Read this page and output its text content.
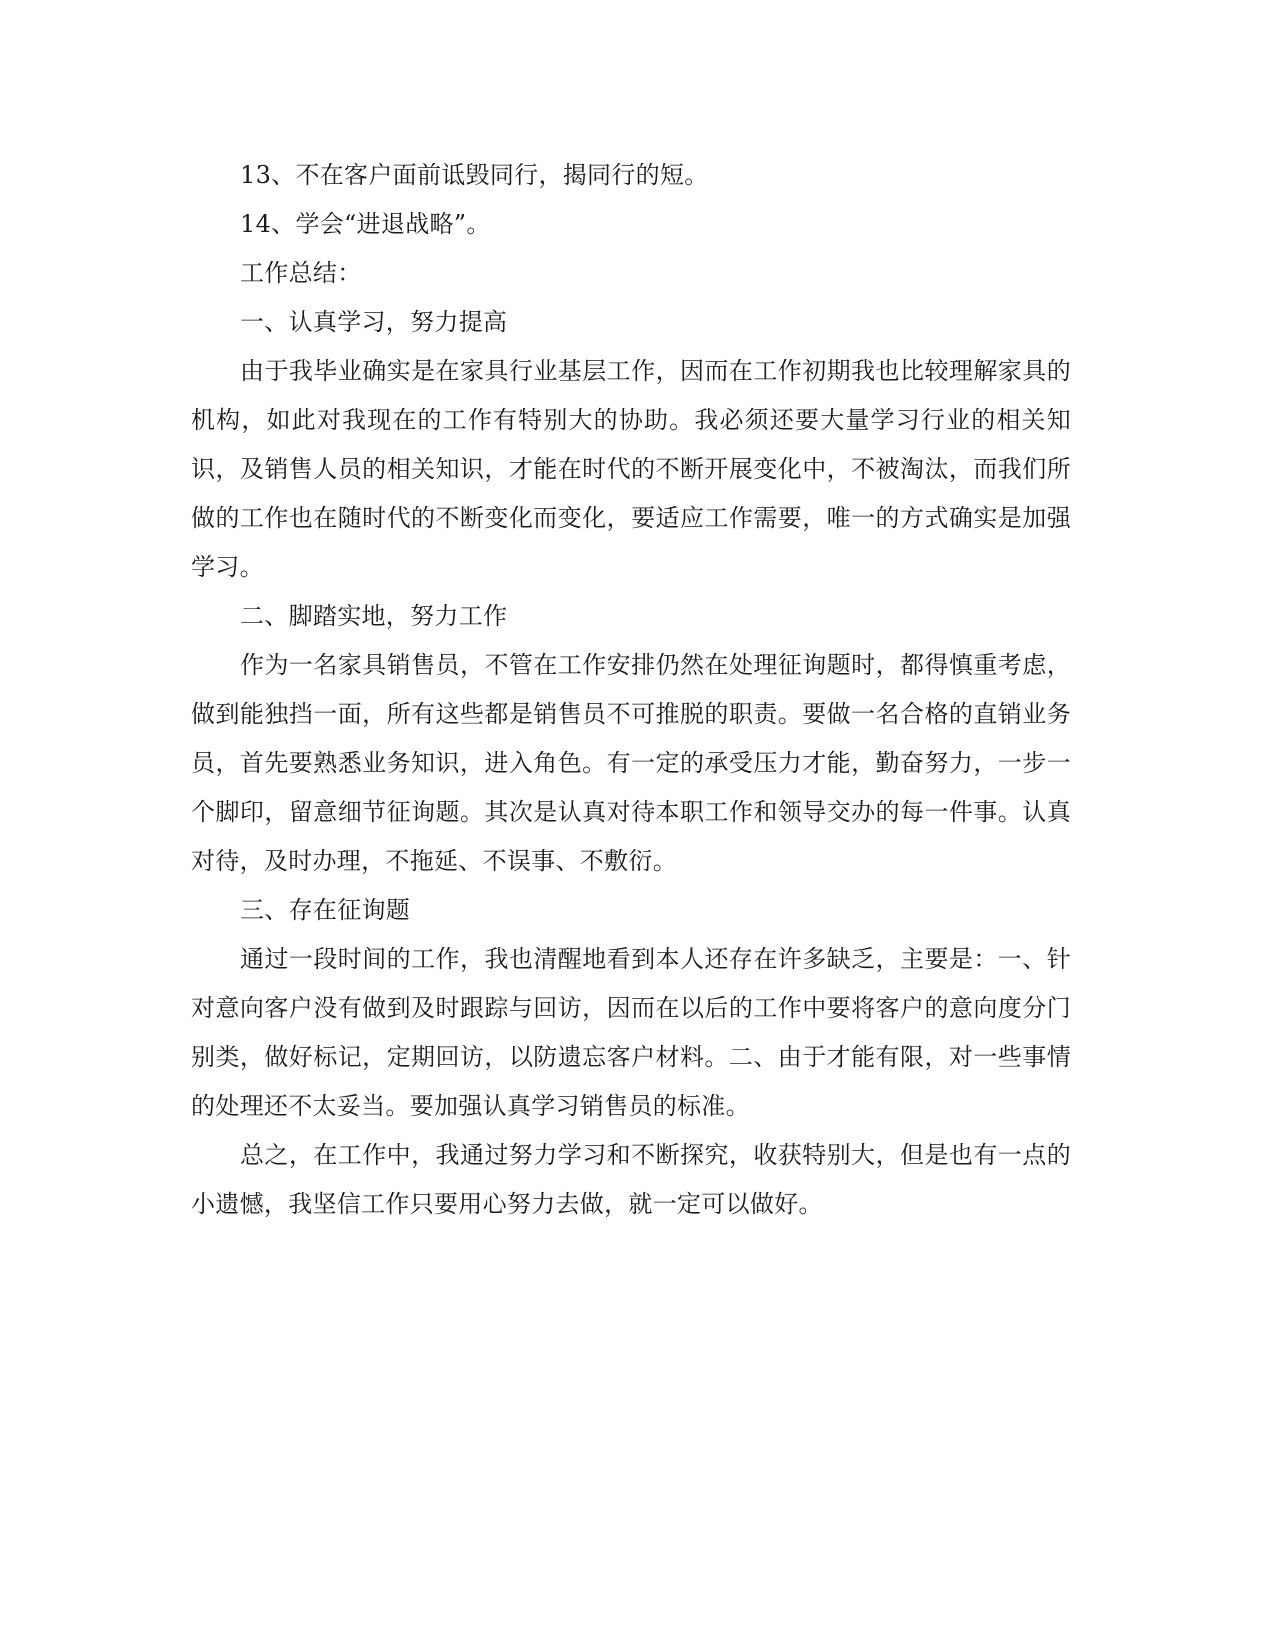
13、不在客户面前诋毁同行，揭同行的短。

14、学会“进退战略”。

工作总结：

一、认真学习，努力提高

由于我毕业确实是在家具行业基层工作，因而在工作初期我也比较理解家具的机构，如此对我现在的工作有特别大的协助。我必须还要大量学习行业的相关知识，及销售人员的相关知识，才能在时代的不断开展变化中，不被淘汰，而我们所做的工作也在随时代的不断变化而变化，要适应工作需要，唯一的方式确实是加强学习。

二、脚踏实地，努力工作

作为一名家具销售员，不管在工作安排仍然在处理征询题时，都得慎重考虑，做到能独挡一面，所有这些都是销售员不可推脱的职责。要做一名合格的直销业务员，首先要熟悉业务知识，进入角色。有一定的承受压力才能，勤奋努力，一步一个脚印，留意细节征询题。其次是认真对待本职工作和领导交办的每一件事。认真对待，及时办理，不拖延、不误事、不敷衍。

三、存在征询题

通过一段时间的工作，我也清醒地看到本人还存在许多缺乏，主要是：一、针对意向客户没有做到及时跟踪与回访，因而在以后的工作中要将客户的意向度分门别类，做好标记，定期回访，以防遗忘客户材料。二、由于才能有限，对一些事情的处理还不太妥当。要加强认真学习销售员的标准。

总之，在工作中，我通过努力学习和不断探究，收获特别大，但是也有一点的小遗憾，我坚信工作只要用心努力去做，就一定可以做好。
